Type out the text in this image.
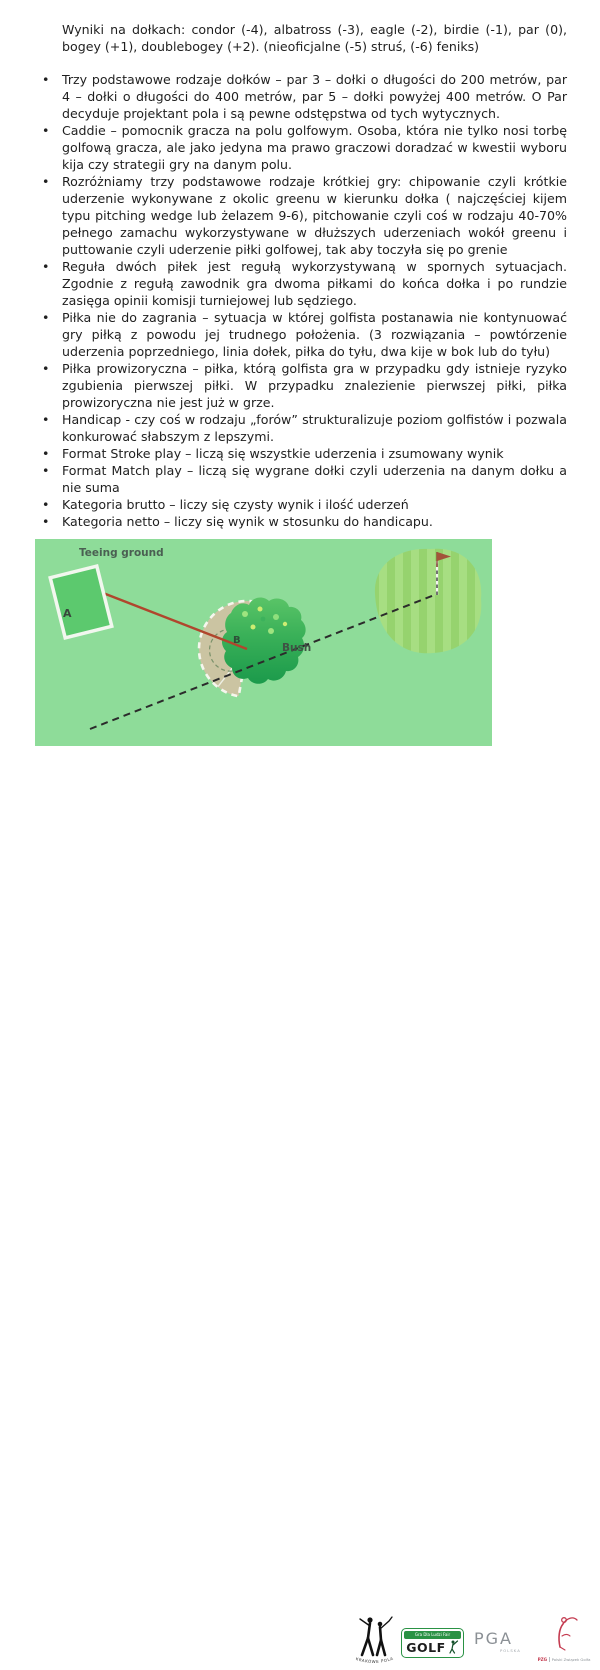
Wyniki na dołkach: condor (-4), albatross (-3), eagle (-2), birdie (-1), par (0), bogey (+1), doublebogey (+2). (nieoficjalne (-5) struś, (-6) feniks)

• Trzy podstawowe rodzaje dołków – par 3 – dołki o długości do 200 metrów, par 4 – dołki o długości do 400 metrów, par 5 – dołki powyżej 400 metrów. O Par decyduje projektant pola i są pewne odstępstwa od tych wytycznych.
• Caddie – pomocnik gracza na polu golfowym. Osoba, która nie tylko nosi torbę golfową gracza, ale jako jedyna ma prawo graczowi doradzać w kwestii wyboru kija czy strategii gry na danym polu.
• Rozróżniamy trzy podstawowe rodzaje krótkiej gry: chipowanie czyli krótkie uderzenie wykonywane z okolic greenu w kierunku dołka ( najczęściej kijem typu pitching wedge lub żelazem 9-6), pitchowanie czyli coś w rodzaju 40-70% pełnego zamachu wykorzystywane w dłuższych uderzeniach wokół greenu i puttowanie czyli uderzenie piłki golfowej, tak aby toczyła się po grenie
• Reguła dwóch piłek jest regułą wykorzystywaną w spornych sytuacjach. Zgodnie z regułą zawodnik gra dwoma piłkami do końca dołka i po rundzie zasięga opinii komisji turniejowej lub sędziego.
• Piłka nie do zagrania – sytuacja w której golfista postanawia nie kontynuować gry piłką z powodu jej trudnego położenia. (3 rozwiązania – powtórzenie uderzenia poprzedniego, linia dołek, piłka do tyłu, dwa kije w bok lub do tyłu)
• Piłka prowizoryczna – piłka, którą golfista gra w przypadku gdy istnieje ryzyko zgubienia pierwszej piłki. W przypadku znalezienie pierwszej piłki, piłka prowizoryczna nie jest już w grze.
• Handicap - czy coś w rodzaju „forów” strukturalizuje poziom golfistów i pozwala konkurować słabszym z lepszymi.
• Format Stroke play – liczą się wszystkie uderzenia i zsumowany wynik
• Format Match play – liczą się wygrane dołki czyli uderzenia na danym dołku a nie suma
• Kategoria brutto – liczy się czysty wynik i ilość uderzeń
• Kategoria netto – liczy się wynik w stosunku do handicapu.
Teeing ground
A
B
Bush
KRAKOWE POLA
Gra Dla Ludzi Fair
GOLF PGA
POLSKA
PZG Polski Związek Golfa
